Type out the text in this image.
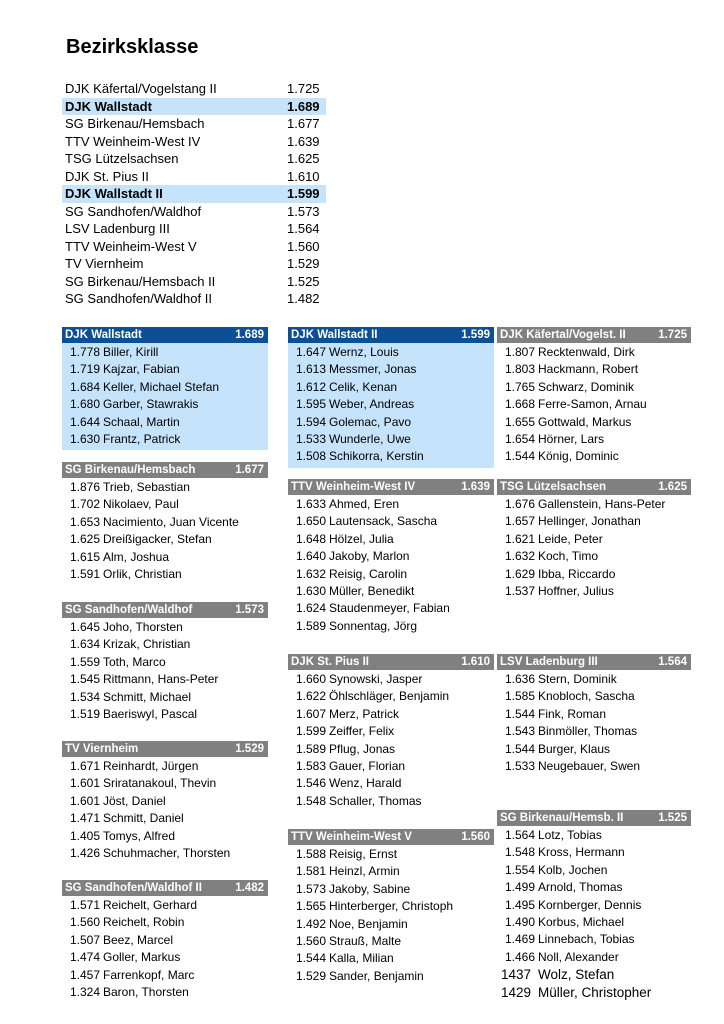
Bezirksklasse
DJK Käfertal/Vogelstang II	1.725
DJK Wallstadt	1.689
SG Birkenau/Hemsbach	1.677
TTV Weinheim-West IV	1.639
TSG Lützelsachsen	1.625
DJK St. Pius II	1.610
DJK Wallstadt II	1.599
SG Sandhofen/Waldhof	1.573
LSV Ladenburg III	1.564
TTV Weinheim-West V	1.560
TV Viernheim	1.529
SG Birkenau/Hemsbach II	1.525
SG Sandhofen/Waldhof II	1.482
DJK Wallstadt	1.689
1.778 Biller, Kirill
1.719 Kajzar, Fabian
1.684 Keller, Michael Stefan
1.680 Garber, Stawrakis
1.644 Schaal, Martin
1.630 Frantz, Patrick
SG Birkenau/Hemsbach	1.677
1.876 Trieb, Sebastian
1.702 Nikolaev, Paul
1.653 Nacimiento, Juan Vicente
1.625 Dreißigacker, Stefan
1.615 Alm, Joshua
1.591 Orlik, Christian
SG Sandhofen/Waldhof	1.573
1.645 Joho, Thorsten
1.634 Krizak, Christian
1.559 Toth, Marco
1.545 Rittmann, Hans-Peter
1.534 Schmitt, Michael
1.519 Baeriswyl, Pascal
TV Viernheim	1.529
1.671 Reinhardt, Jürgen
1.601 Sriratanakoul, Thevin
1.601 Jöst, Daniel
1.471 Schmitt, Daniel
1.405 Tomys, Alfred
1.426 Schuhmacher, Thorsten
SG Sandhofen/Waldhof II	1.482
1.571 Reichelt, Gerhard
1.560 Reichelt, Robin
1.507 Beez, Marcel
1.474 Goller, Markus
1.457 Farrenkopf, Marc
1.324 Baron, Thorsten
DJK Wallstadt II	1.599
1.647 Wernz, Louis
1.613 Messmer, Jonas
1.612 Celik, Kenan
1.595 Weber, Andreas
1.594 Golemac, Pavo
1.533 Wunderle, Uwe
1.508 Schikorra, Kerstin
TTV Weinheim-West IV	1.639
1.633 Ahmed, Eren
1.650 Lautensack, Sascha
1.648 Hölzel, Julia
1.640 Jakoby, Marlon
1.632 Reisig, Carolin
1.630 Müller, Benedikt
1.624 Staudenmeyer, Fabian
1.589 Sonnentag, Jörg
DJK St. Pius II	1.610
1.660 Synowski, Jasper
1.622 Öhlschläger, Benjamin
1.607 Merz, Patrick
1.599 Zeiffer, Felix
1.589 Pflug, Jonas
1.583 Gauer, Florian
1.546 Wenz, Harald
1.548 Schaller, Thomas
TTV Weinheim-West V	1.560
1.588 Reisig, Ernst
1.581 Heinzl, Armin
1.573 Jakoby, Sabine
1.565 Hinterberger, Christoph
1.492 Noe, Benjamin
1.560 Strauß, Malte
1.544 Kalla, Milian
1.529 Sander, Benjamin
DJK Käfertal/Vogelst. II	1.725
1.807 Recktenwald, Dirk
1.803 Hackmann, Robert
1.765 Schwarz, Dominik
1.668 Ferre-Samon, Arnau
1.655 Gottwald, Markus
1.654 Hörner, Lars
1.544 König, Dominic
TSG Lützelsachsen	1.625
1.676 Gallenstein, Hans-Peter
1.657 Hellinger, Jonathan
1.621 Leide, Peter
1.632 Koch, Timo
1.629 Ibba, Riccardo
1.537 Hoffner, Julius
LSV Ladenburg III	1.564
1.636 Stern, Dominik
1.585 Knobloch, Sascha
1.544 Fink, Roman
1.543 Binmöller, Thomas
1.544 Burger, Klaus
1.533 Neugebauer, Swen
SG Birkenau/Hemsb. II	1.525
1.564 Lotz, Tobias
1.548 Kross, Hermann
1.554 Kolb, Jochen
1.499 Arnold, Thomas
1.495 Kornberger, Dennis
1.490 Korbus, Michael
1.469 Linnebach, Tobias
1.466 Noll, Alexander
1437 Wolz, Stefan
1429 Müller, Christopher
